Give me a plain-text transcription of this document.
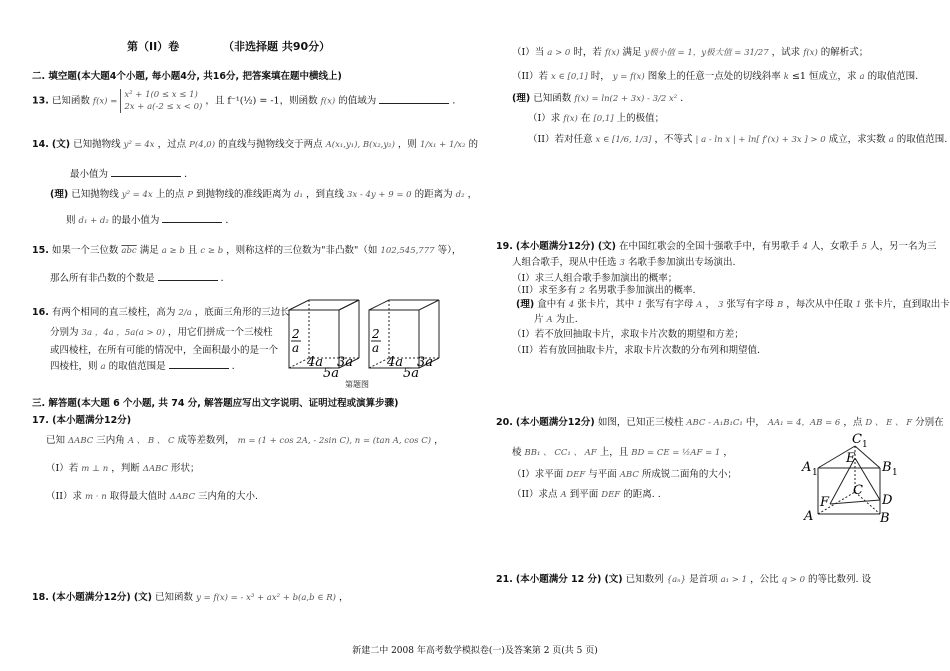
第（II）卷	（非选择题 共90分）
二. 填空题(本大题4个小题, 每小题4分, 共16分, 把答案填在题中横线上)
13. 已知函数 f(x) = x² + 1(0 ≤ x ≤ 1)
2x + a(-2 ≤ x < 0) ，且 f⁻¹(½) = -1，则函数 f(x) 的值域为	．
14. (文) 已知抛物线 y² = 4x ，过点 P(4,0) 的直线与抛物线交于两点 A(x₁,y₁), B(x₂,y₂) ，则 1/x₁ + 1/x₂ 的
最小值为	．
(理) 已知抛物线 y² = 4x 上的点 P 到抛物线的准线距离为 d₁ ，到直线 3x - 4y + 9 = 0 的距离为 d₂ ，
则 d₁ + d₂ 的最小值为	．
15. 如果一个三位数 $\overline{abc}$ 满足 a ≥ b 且 c ≥ b ，则称这样的三位数为"非凸数"（如 102,545,777 等），
那么所有非凸数的个数是	．
16. 有两个相同的直三棱柱，高为 2/a ，底面三角形的三边长
分别为 3a ，4a ，5a(a > 0) ，用它们拼成一个三棱柱
或四棱柱，在所有可能的情况中，全面积最小的是一个
四棱柱，则 a 的取值范围是	．
2
a
4a 3a
5a
2
a
4a 3a
5a
第题图
三. 解答题(本大题 6 个小题, 共 74 分, 解答题应写出文字说明、证明过程或演算步骤)
17. (本小题满分12分)
已知 ΔABC 三内角 A 、 B 、 C 成等差数列， m = (1 + cos 2A, - 2sin C), n = (tan A, cos C) ，
（I）若 m ⊥ n ，判断 ΔABC 形状；
（II）求 m · n 取得最大值时 ΔABC 三内角的大小.
18. (本小题满分12分) (文) 已知函数 y = f(x) = - x³ + ax² + b(a,b ∈ R) ，
（I）当 a > 0 时，若 f(x) 满足 y极小值 = 1，y极大值 = 31/27 ，试求 f(x) 的解析式；
（II）若 x ∈ [0,1] 时， y = f(x) 图象上的任意一点处的切线斜率 k ≤1 恒成立，求 a 的取值范围.
(理) 已知函数 f(x) = ln(2 + 3x) - 3/2 x² ．
（I）求 f(x) 在 [0,1] 上的极值；
（II）若对任意 x ∈ [1/6, 1/3] ，不等式 | a - ln x | + ln[ f′(x) + 3x ] > 0 成立，求实数 a 的取值范围.
19. (本小题满分12分) (文) 在中国红歌会的全国十强歌手中，有男歌手 4 人，女歌手 5 人，另一名为三
人组合歌手，现从中任选 3 名歌手参加演出专场演出.
（I）求三人组合歌手参加演出的概率；
（II）求至多有 2 名男歌手参加演出的概率.
(理) 盒中有 4 张卡片，其中 1 张写有字母 A ， 3 张写有字母 B ，每次从中任取 1 张卡片，直到取出卡
片 A 为止.
（I）若不放回抽取卡片，求取卡片次数的期望和方差；
（II）若有放回抽取卡片，求取卡片次数的分布列和期望值.
20. (本小题满分12分) 如图，已知正三棱柱 ABC - A₁B₁C₁ 中， AA₁ = 4，AB = 6 ，点 D 、 E 、 F 分别在
棱 BB₁ 、 CC₁ 、 AF 上，且 BD = CE = ½AF = 1 ，
（I）求平面 DEF 与平面 ABC 所成锐二面角的大小；
（II）求点 A 到平面 DEF 的距离. .
C 1
A 1	B 1
E
C
D
F
A	B
21. (本小题满分 12 分) (文) 已知数列 {aₙ} 是首项 a₁ > 1 ，公比 q > 0 的等比数列. 设
新建二中 2008 年高考数学模拟卷(一)及答案第 2 页(共 5 页)
